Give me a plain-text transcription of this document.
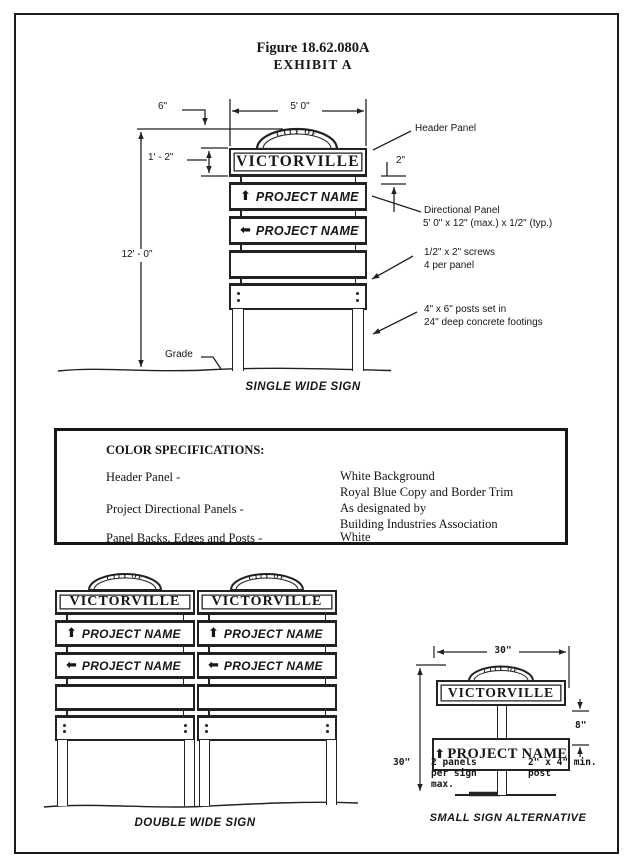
Figure 18.62.080A
EXHIBIT A
VICTORVILLE
⬆ PROJECT NAME
⬅ PROJECT NAME
CITY OF
6"	5' 0"
1' - 2"	2"
12' - 0"
Grade
Header Panel
Directional Panel
5' 0" x 12" (max.) x 1/2" (typ.)
1/2" x 2" screws
4 per panel
4" x 6" posts set in
24" deep concrete footings
SINGLE WIDE SIGN
COLOR SPECIFICATIONS:
Header Panel -	White Background
Royal Blue Copy and Border Trim
Project Directional Panels -	As designated by
Building Industries Association
Panel Backs, Edges and Posts -	White
VICTORVILLE
⬆ PROJECT NAME
⬅ PROJECT NAME
VICTORVILLE
⬆ PROJECT NAME
⬅ PROJECT NAME
CITY OF	CITY OF
DOUBLE WIDE SIGN
VICTORVILLE
⬆ PROJECT NAME
CITY OF
30"
30"
8"
2 panels
per sign
max.
2" x 4" min.
post
SMALL SIGN ALTERNATIVE
